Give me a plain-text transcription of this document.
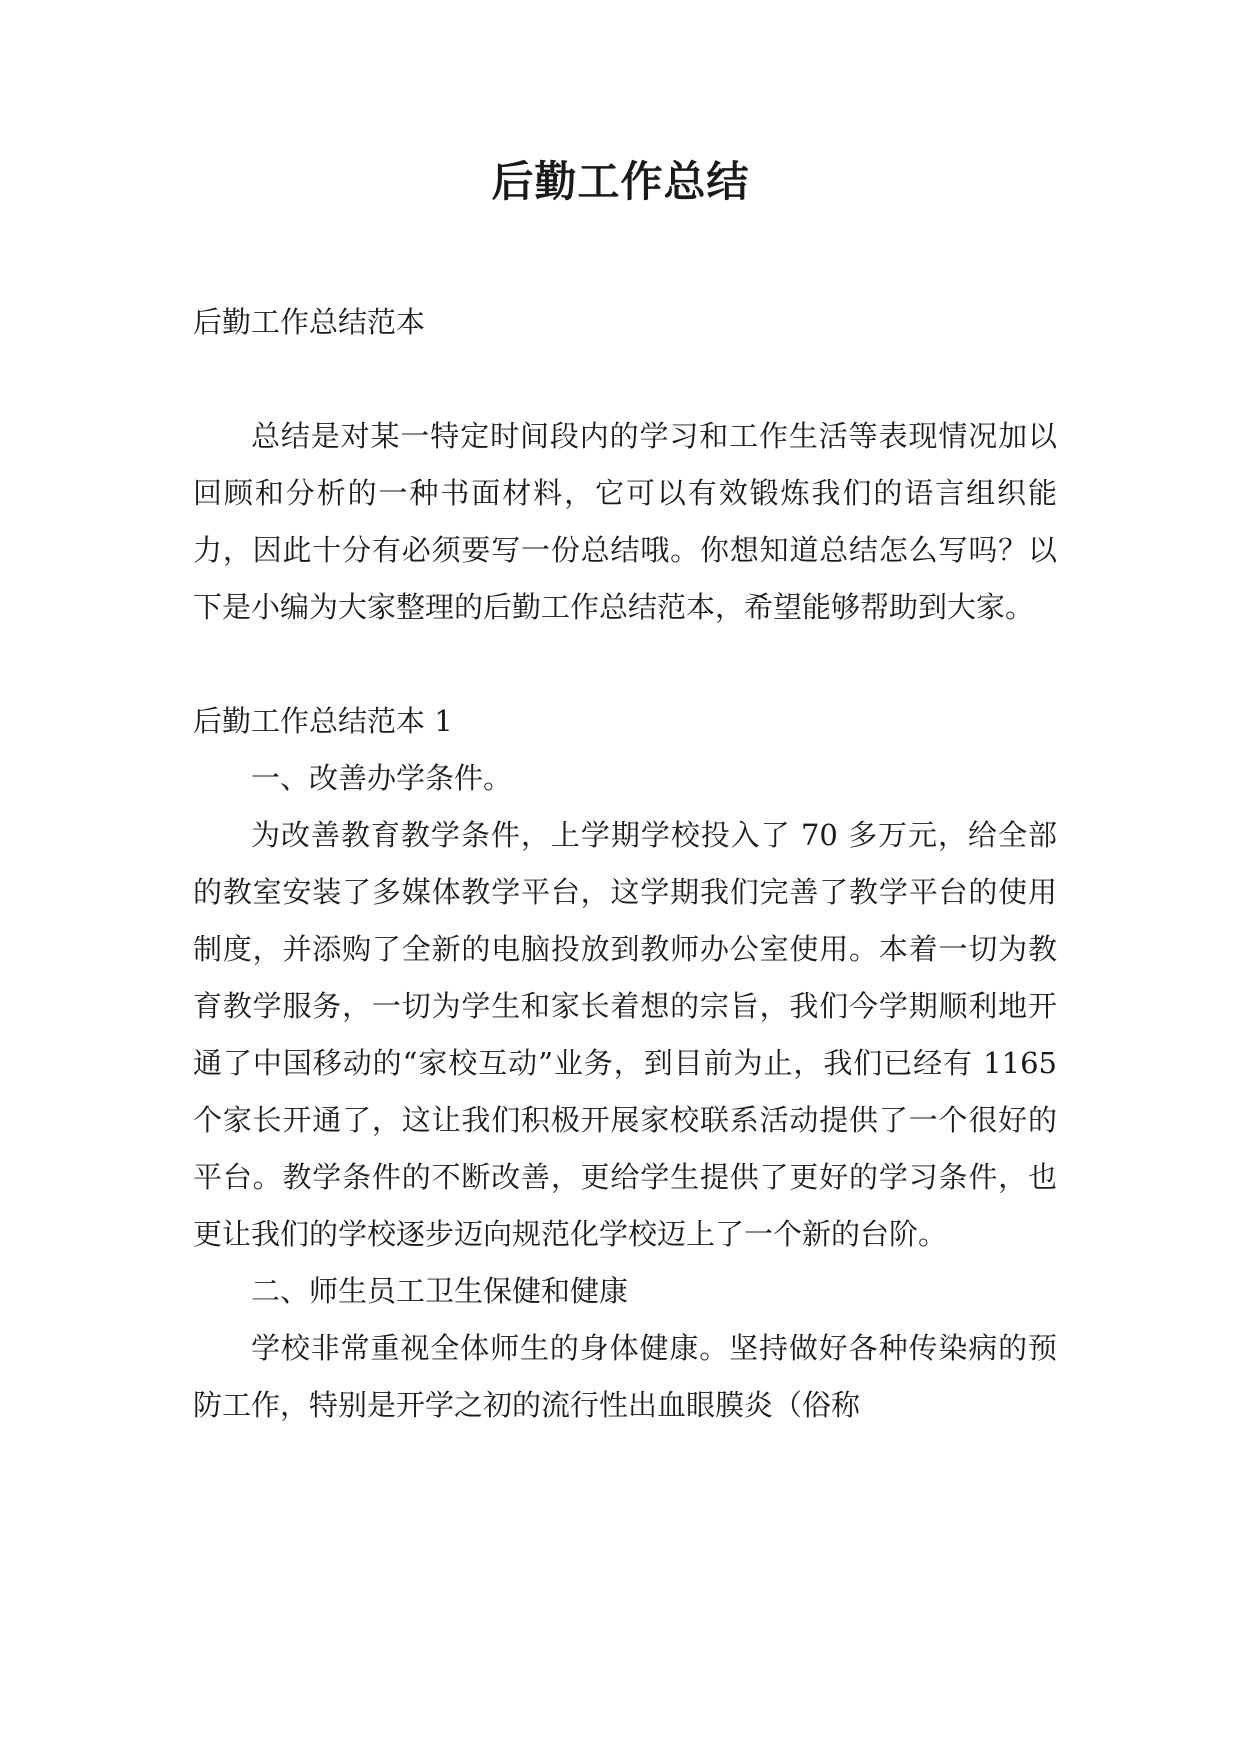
后勤工作总结

后勤工作总结范本

总结是对某一特定时间段内的学习和工作生活等表现情况加以回顾和分析的一种书面材料，它可以有效锻炼我们的语言组织能力，因此十分有必须要写一份总结哦。你想知道总结怎么写吗？以下是小编为大家整理的后勤工作总结范本，希望能够帮助到大家。

后勤工作总结范本 1

一、改善办学条件。

为改善教育教学条件，上学期学校投入了 70 多万元，给全部的教室安装了多媒体教学平台，这学期我们完善了教学平台的使用制度，并添购了全新的电脑投放到教师办公室使用。本着一切为教育教学服务，一切为学生和家长着想的宗旨，我们今学期顺利地开通了中国移动的“家校互动”业务，到目前为止，我们已经有 1165 个家长开通了，这让我们积极开展家校联系活动提供了一个很好的平台。教学条件的不断改善，更给学生提供了更好的学习条件，也更让我们的学校逐步迈向规范化学校迈上了一个新的台阶。

二、师生员工卫生保健和健康

学校非常重视全体师生的身体健康。坚持做好各种传染病的预防工作，特别是开学之初的流行性出血眼膜炎（俗称
